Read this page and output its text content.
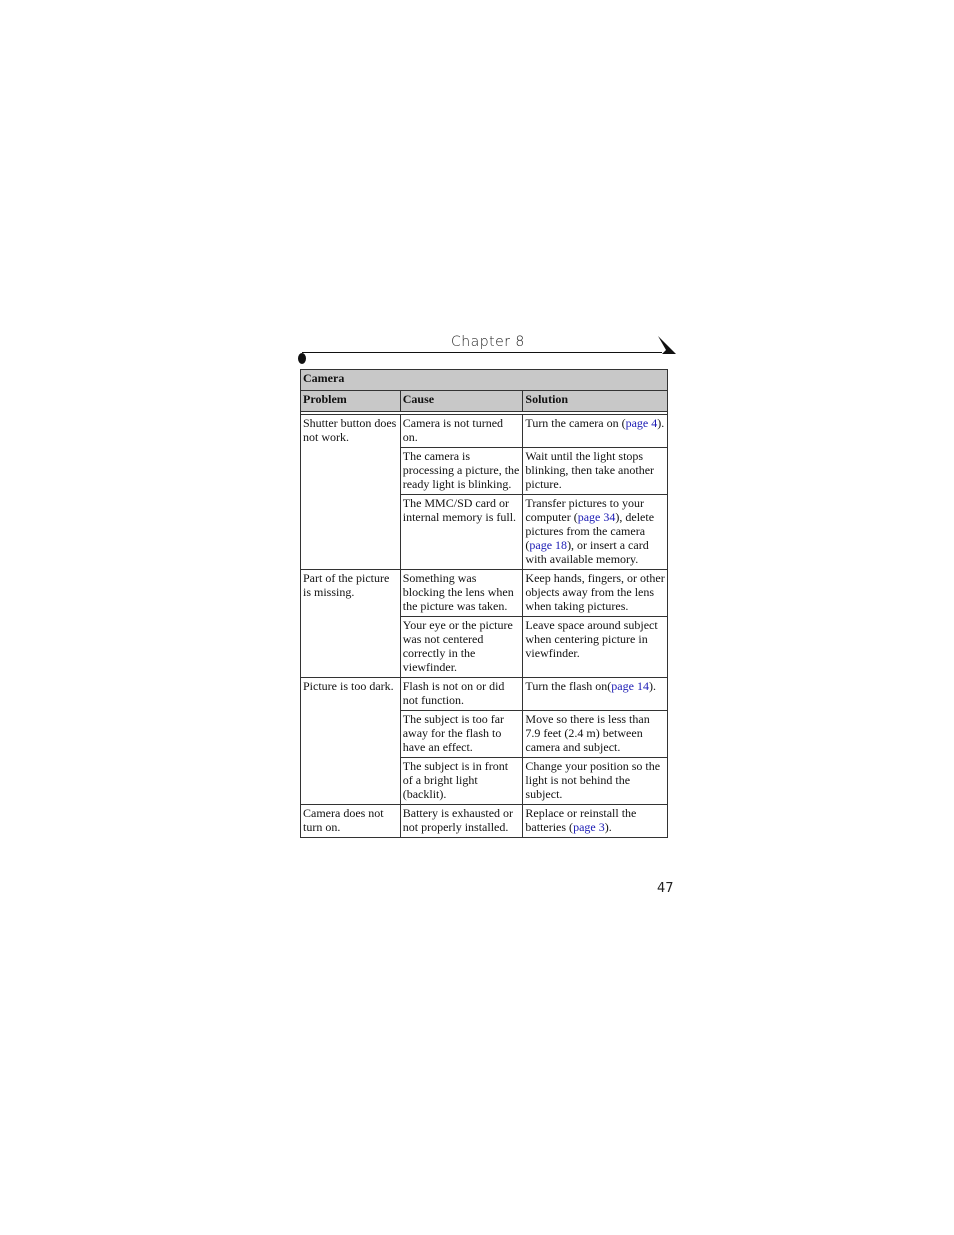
Chapter 8
Camera		
Problem	Cause	Solution

Shutter button does not work.	Camera is not turned on.	Turn the camera on (page 4).
	The camera is processing a picture, the ready light is blinking.	Wait until the light stops blinking, then take another picture.
	The MMC/SD card or internal memory is full.	Transfer pictures to your computer (page 34), delete pictures from the camera (page 18), or insert a card with available memory.
Part of the picture is missing.	Something was blocking the lens when the picture was taken.	Keep hands, fingers, or other objects away from the lens when taking pictures.
	Your eye or the picture was not centered correctly in the viewfinder.	Leave space around subject when centering picture in viewfinder.
Picture is too dark.	Flash is not on or did not function.	Turn the flash on(page 14).
	The subject is too far away for the flash to have an effect.	Move so there is less than 7.9 feet (2.4 m) between camera and subject.
	The subject is in front of a bright light (backlit).	Change your position so the light is not behind the subject.
Camera does not turn on.	Battery is exhausted or not properly installed.	Replace or reinstall the batteries (page 3).
47
